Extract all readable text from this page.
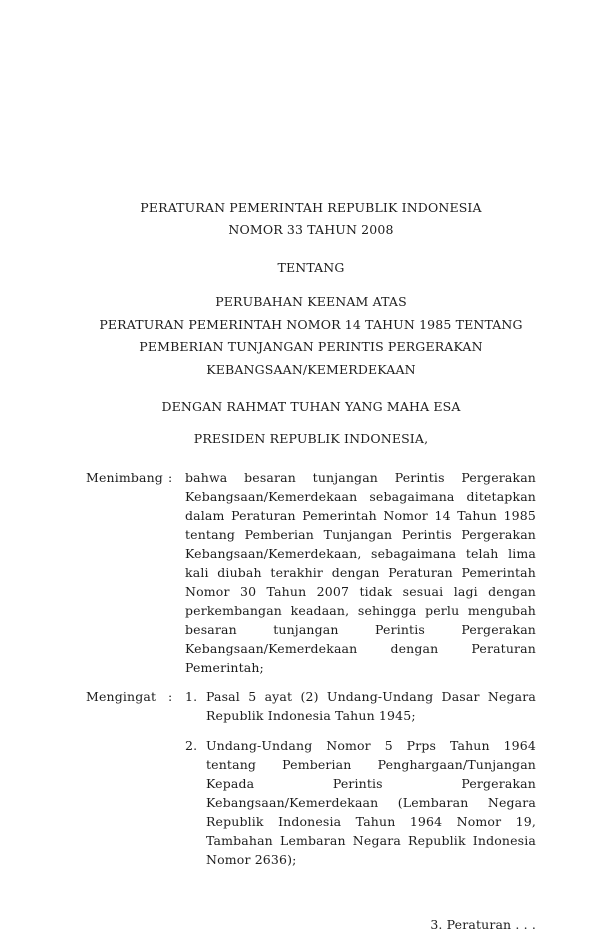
PERATURAN PEMERINTAH REPUBLIK INDONESIA
NOMOR 33 TAHUN 2008
TENTANG
PERUBAHAN KEENAM ATAS
PERATURAN PEMERINTAH NOMOR 14 TAHUN 1985 TENTANG
PEMBERIAN TUNJANGAN PERINTIS PERGERAKAN
KEBANGSAAN/KEMERDEKAAN
DENGAN RAHMAT TUHAN YANG MAHA ESA
PRESIDEN REPUBLIK INDONESIA,
Menimbang :	bahwa besaran tunjangan Perintis Pergerakan Kebangsaan/Kemerdekaan sebagaimana ditetapkan dalam Peraturan Pemerintah Nomor 14 Tahun 1985 tentang Pemberian Tunjangan Perintis Pergerakan Kebangsaan/Kemerdekaan, sebagaimana telah lima kali diubah terakhir dengan Peraturan Pemerintah Nomor 30 Tahun 2007 tidak sesuai lagi dengan perkembangan keadaan, sehingga perlu mengubah besaran tunjangan Perintis Pergerakan Kebangsaan/Kemerdekaan dengan Peraturan Pemerintah;
Mengingat :	1. Pasal 5 ayat (2) Undang-Undang Dasar Negara Republik Indonesia Tahun 1945;
2. Undang-Undang Nomor 5 Prps Tahun 1964 tentang Pemberian Penghargaan/Tunjangan Kepada Perintis Pergerakan Kebangsaan/Kemerdekaan (Lembaran Negara Republik Indonesia Tahun 1964 Nomor 19, Tambahan Lembaran Negara Republik Indonesia Nomor 2636);
3. Peraturan . . .
